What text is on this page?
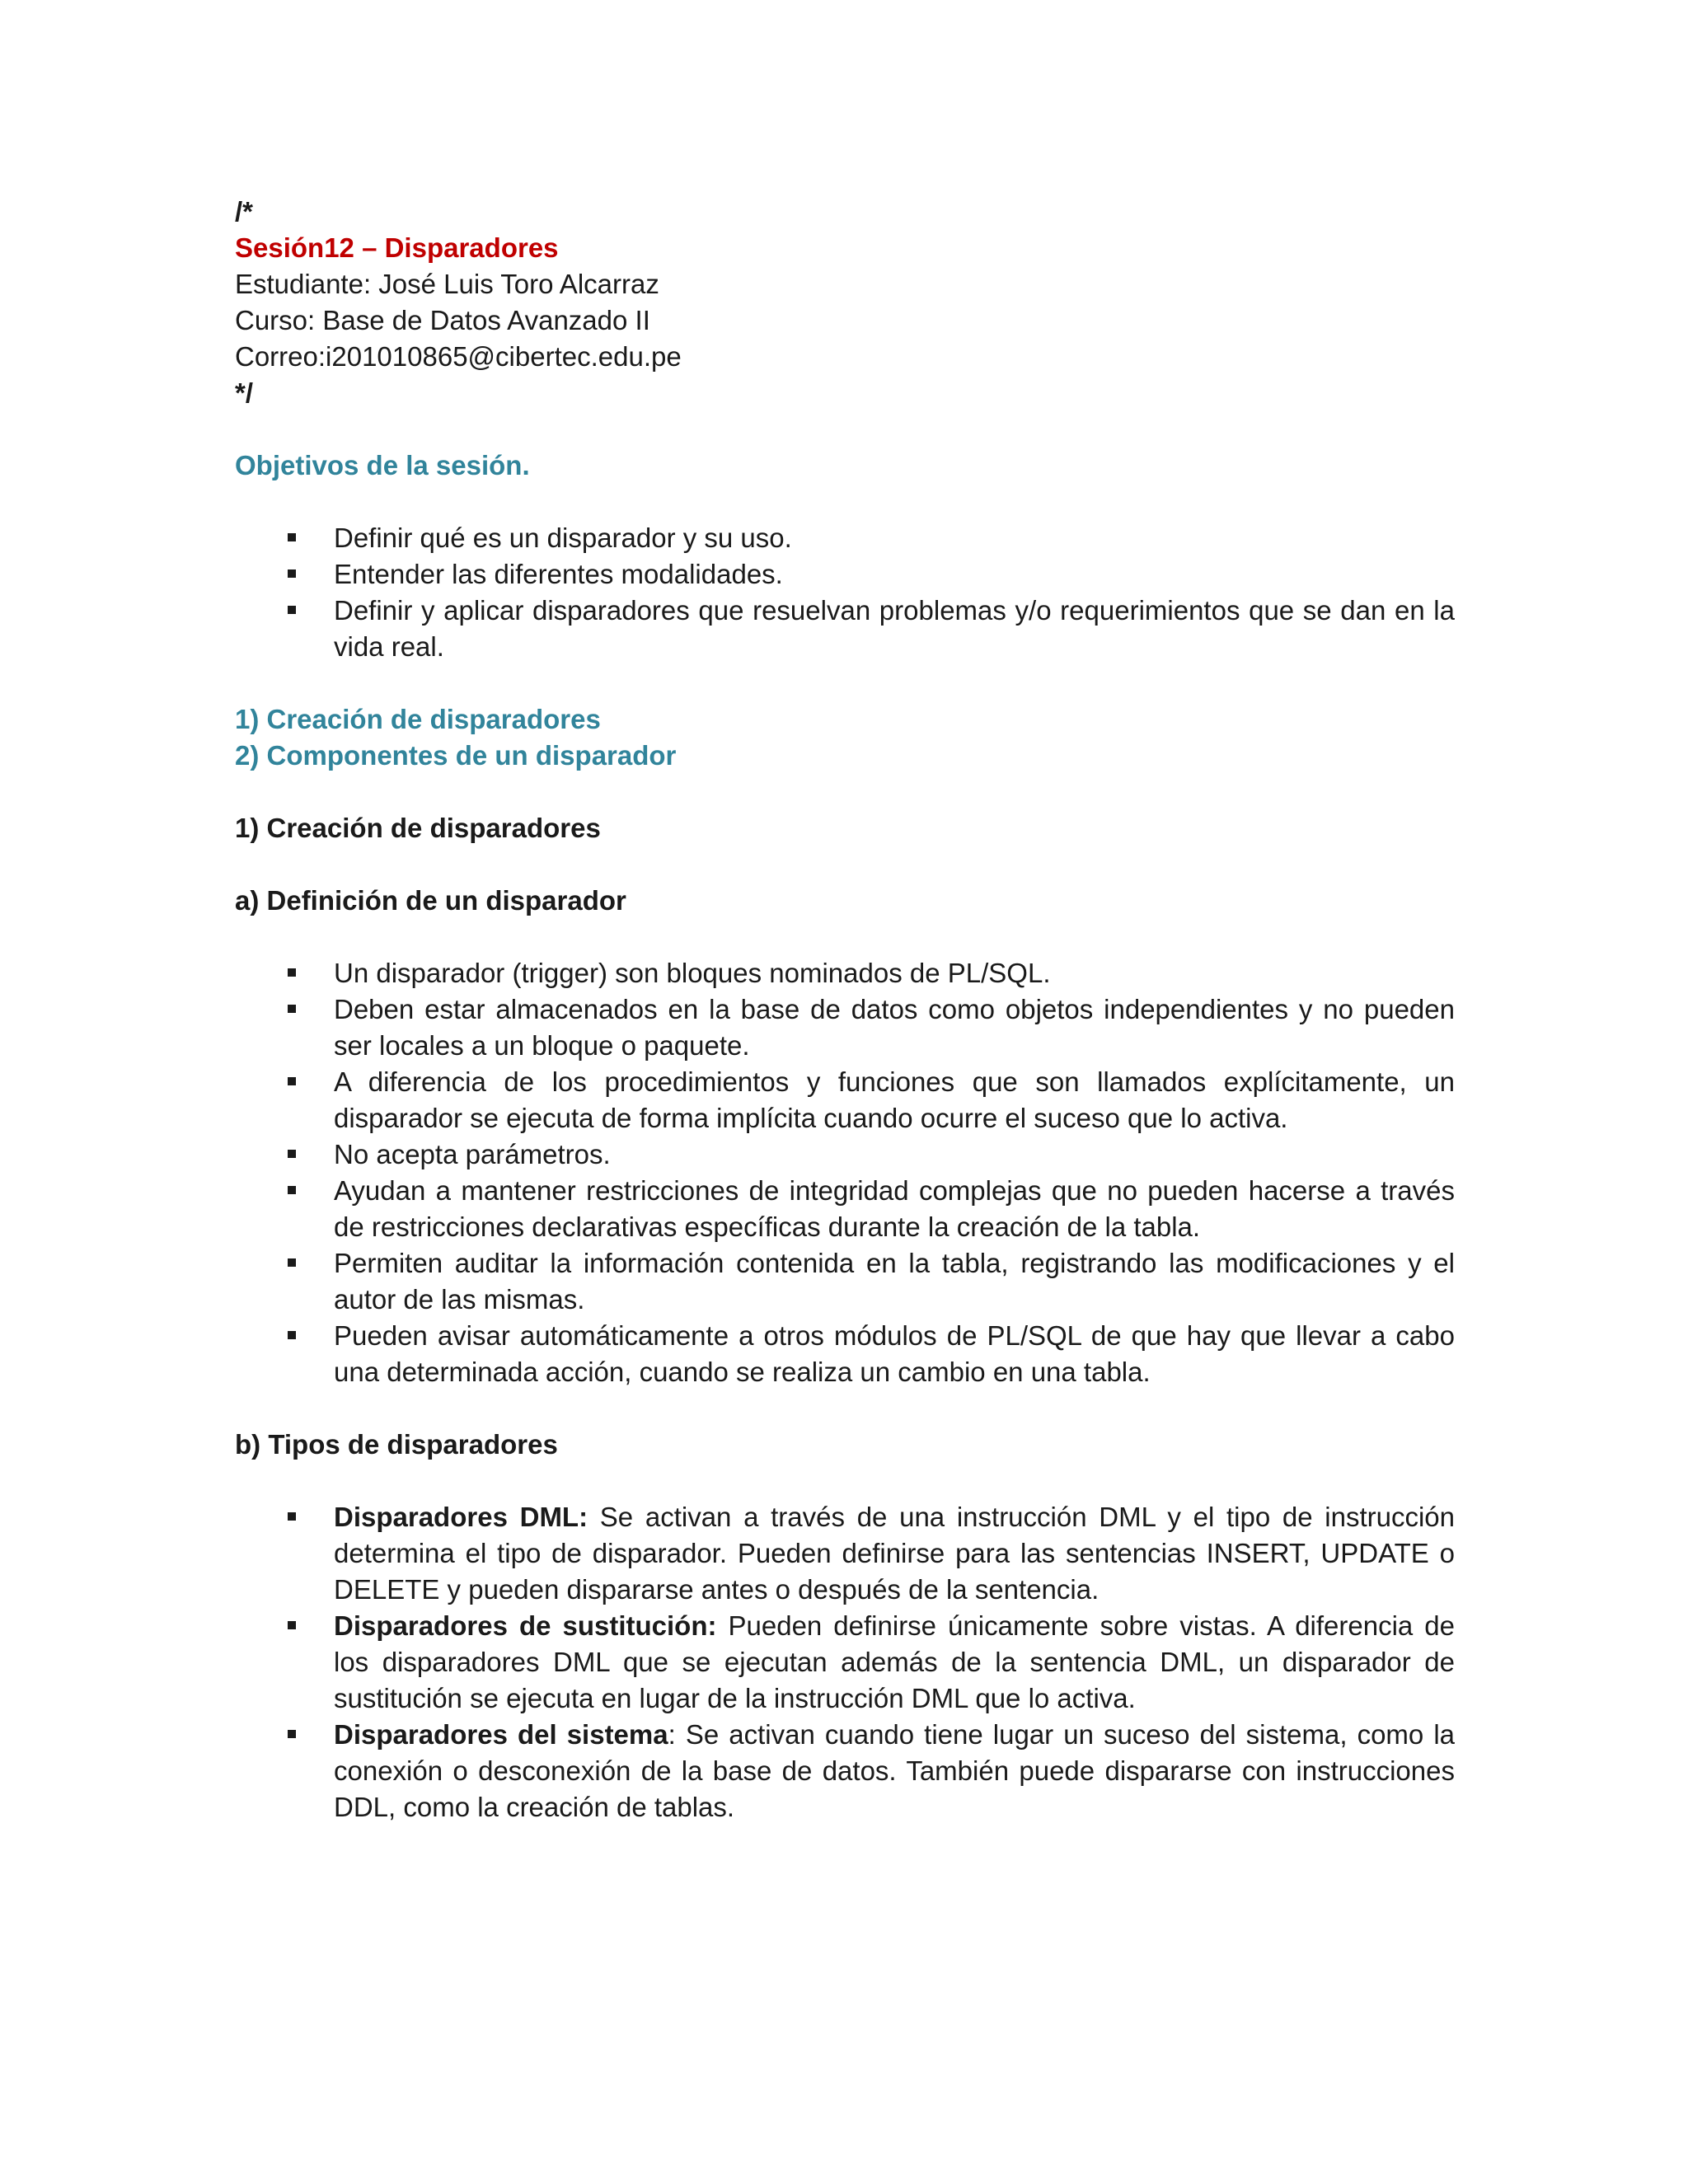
/*

Sesión12 – Disparadores

Estudiante: José Luis Toro Alcarraz

Curso: Base de Datos Avanzado II

Correo:i201010865@cibertec.edu.pe

*/

Objetivos de la sesión.

Definir qué es un disparador y su uso.
Entender las diferentes modalidades.
Definir y aplicar disparadores que resuelvan problemas y/o requerimientos que se dan en la vida real.

1) Creación de disparadores

2) Componentes de un disparador

1) Creación de disparadores

a) Definición de un disparador

Un disparador (trigger) son bloques nominados de PL/SQL.
Deben estar almacenados en la base de datos como objetos independientes y no pueden ser locales a un bloque o paquete.
A diferencia de los procedimientos y funciones que son llamados explícitamente, un disparador se ejecuta de forma implícita cuando ocurre el suceso que lo activa.
No acepta parámetros.
Ayudan a mantener restricciones de integridad complejas que no pueden hacerse a través de restricciones declarativas específicas durante la creación de la tabla.
Permiten auditar la información contenida en la tabla, registrando las modificaciones y el autor de las mismas.
Pueden avisar automáticamente a otros módulos de PL/SQL de que hay que llevar a cabo una determinada acción, cuando se realiza un cambio en una tabla.

b) Tipos de disparadores

Disparadores DML: Se activan a través de una instrucción DML y el tipo de instrucción determina el tipo de disparador. Pueden definirse para las sentencias INSERT, UPDATE o DELETE y pueden dispararse antes o después de la sentencia.
Disparadores de sustitución: Pueden definirse únicamente sobre vistas. A diferencia de los disparadores DML que se ejecutan además de la sentencia DML, un disparador de sustitución se ejecuta en lugar de la instrucción DML que lo activa.
Disparadores del sistema: Se activan cuando tiene lugar un suceso del sistema, como la conexión o desconexión de la base de datos. También puede dispararse con instrucciones DDL, como la creación de tablas.
